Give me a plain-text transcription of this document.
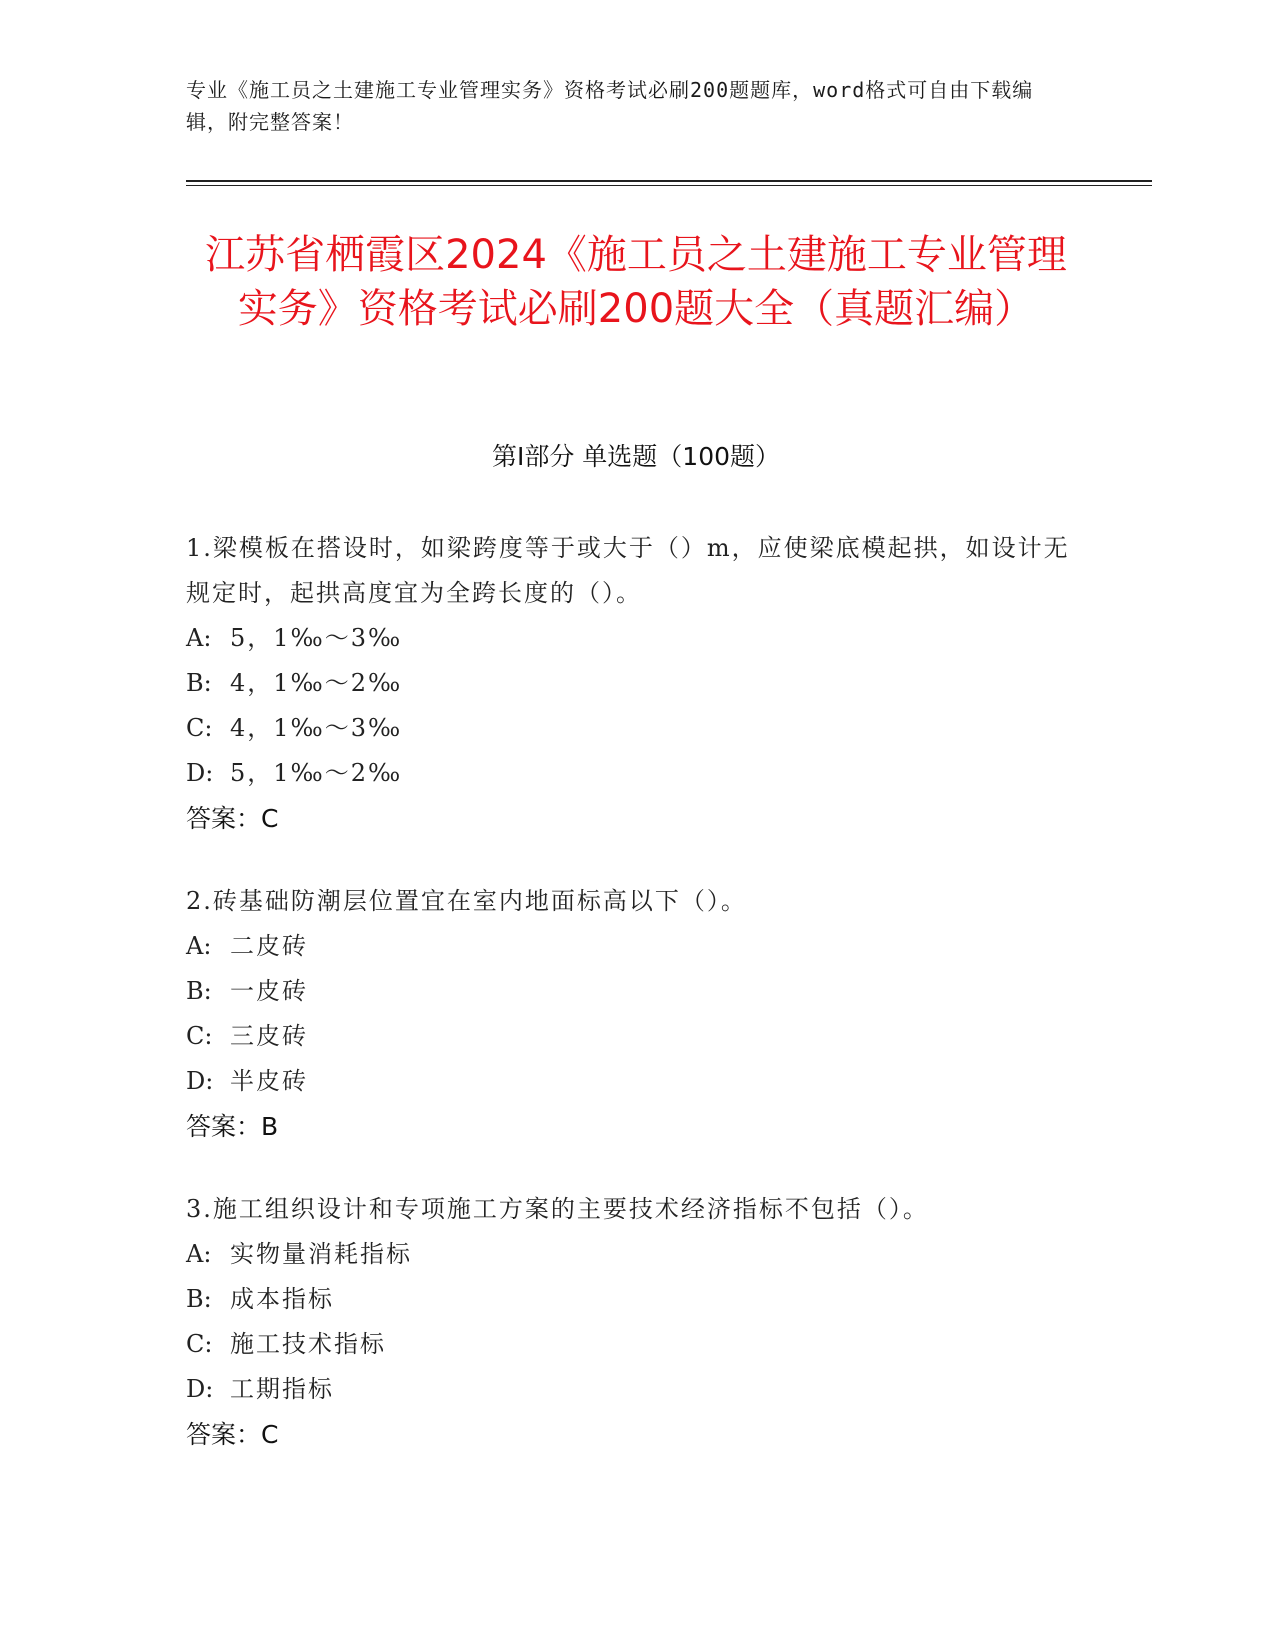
专业《施工员之土建施工专业管理实务》资格考试必刷200题题库，word格式可自由下载编辑，附完整答案！
江苏省栖霞区2024《施工员之土建施工专业管理实务》资格考试必刷200题大全（真题汇编）
第I部分 单选题（100题）
1.梁模板在搭设时，如梁跨度等于或大于（）m，应使梁底模起拱，如设计无规定时，起拱高度宜为全跨长度的（）。
A: 5，1‰～3‰
B: 4，1‰～2‰
C: 4，1‰～3‰
D: 5，1‰～2‰
答案：C
2.砖基础防潮层位置宜在室内地面标高以下（）。
A: 二皮砖
B: 一皮砖
C: 三皮砖
D: 半皮砖
答案：B
3.施工组织设计和专项施工方案的主要技术经济指标不包括（）。
A: 实物量消耗指标
B: 成本指标
C: 施工技术指标
D: 工期指标
答案：C
